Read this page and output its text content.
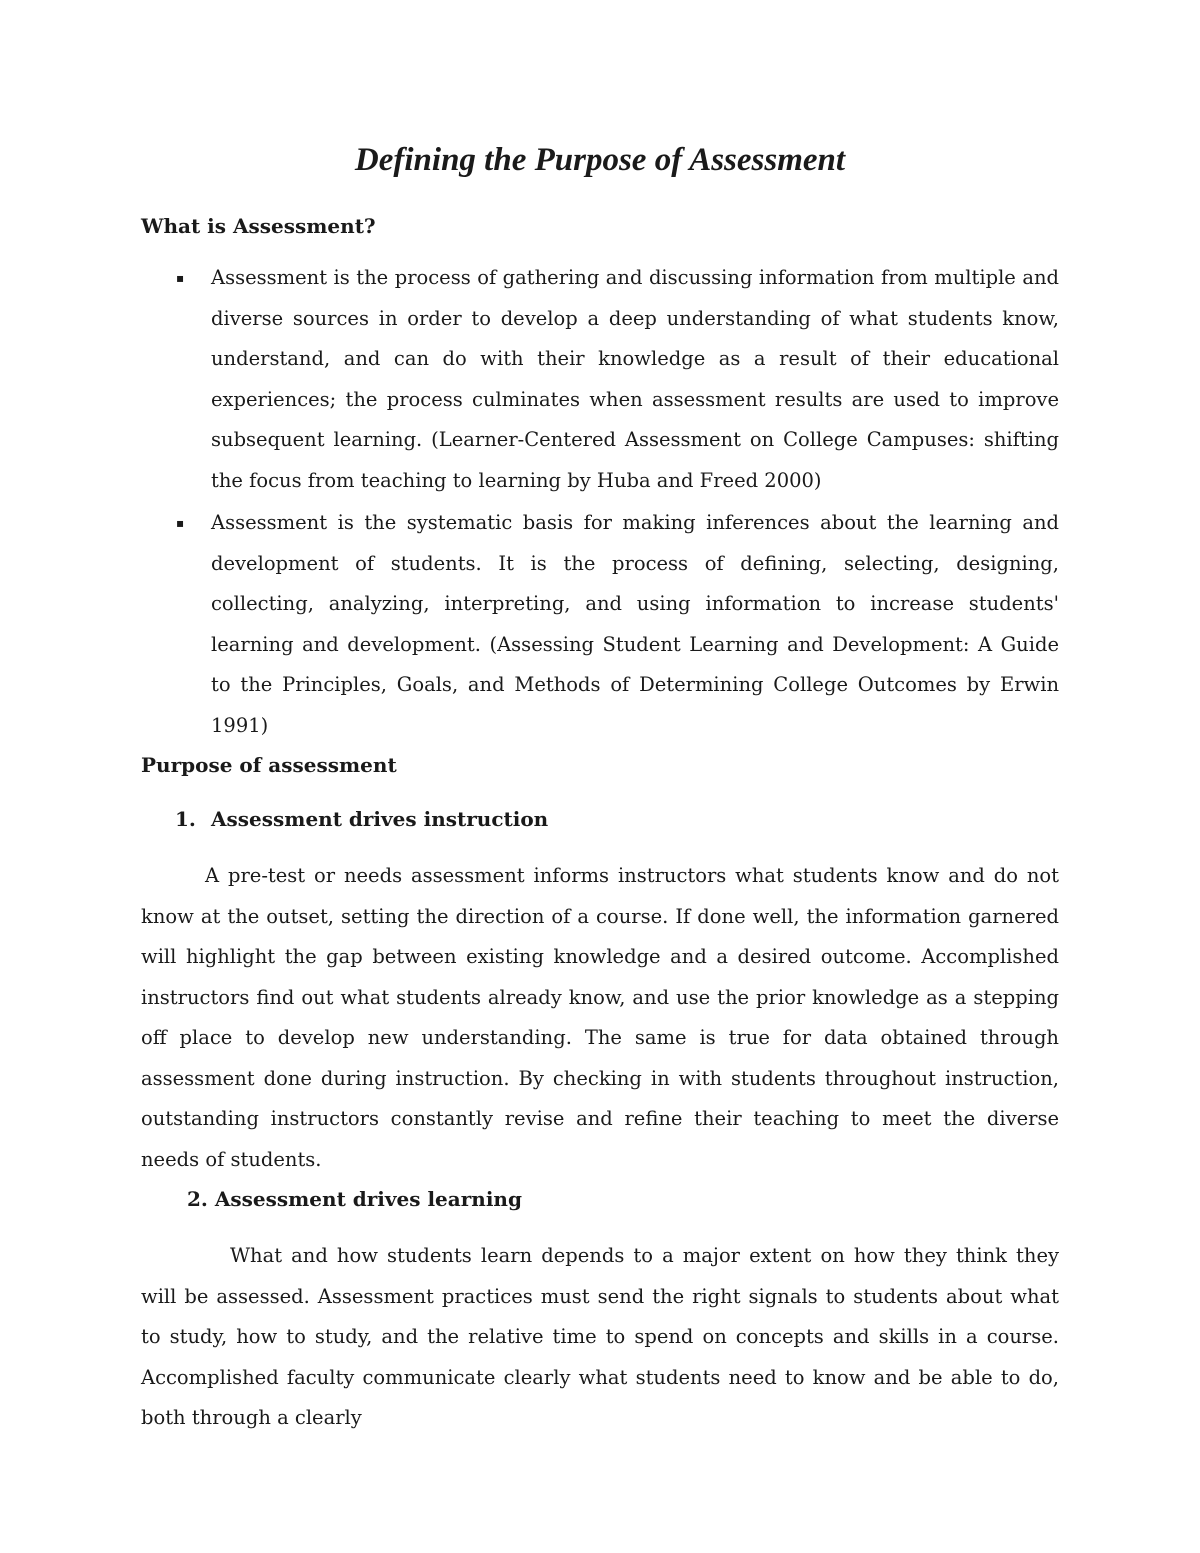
Defining the Purpose of Assessment

What is Assessment?

▪ Assessment is the process of gathering and discussing information from multiple and diverse sources in order to develop a deep understanding of what students know, understand, and can do with their knowledge as a result of their educational experiences; the process culminates when assessment results are used to improve subsequent learning. (Learner-Centered Assessment on College Campuses: shifting the focus from teaching to learning by Huba and Freed 2000)

▪ Assessment is the systematic basis for making inferences about the learning and development of students. It is the process of defining, selecting, designing, collecting, analyzing, interpreting, and using information to increase students' learning and development. (Assessing Student Learning and Development: A Guide to the Principles, Goals, and Methods of Determining College Outcomes by Erwin 1991)

Purpose of assessment

1. Assessment drives instruction

A pre-test or needs assessment informs instructors what students know and do not know at the outset, setting the direction of a course. If done well, the information garnered will highlight the gap between existing knowledge and a desired outcome. Accomplished instructors find out what students already know, and use the prior knowledge as a stepping off place to develop new understanding. The same is true for data obtained through assessment done during instruction. By checking in with students throughout instruction, outstanding instructors constantly revise and refine their teaching to meet the diverse needs of students.

2. Assessment drives learning

What and how students learn depends to a major extent on how they think they will be assessed. Assessment practices must send the right signals to students about what to study, how to study, and the relative time to spend on concepts and skills in a course. Accomplished faculty communicate clearly what students need to know and be able to do, both through a clearly
